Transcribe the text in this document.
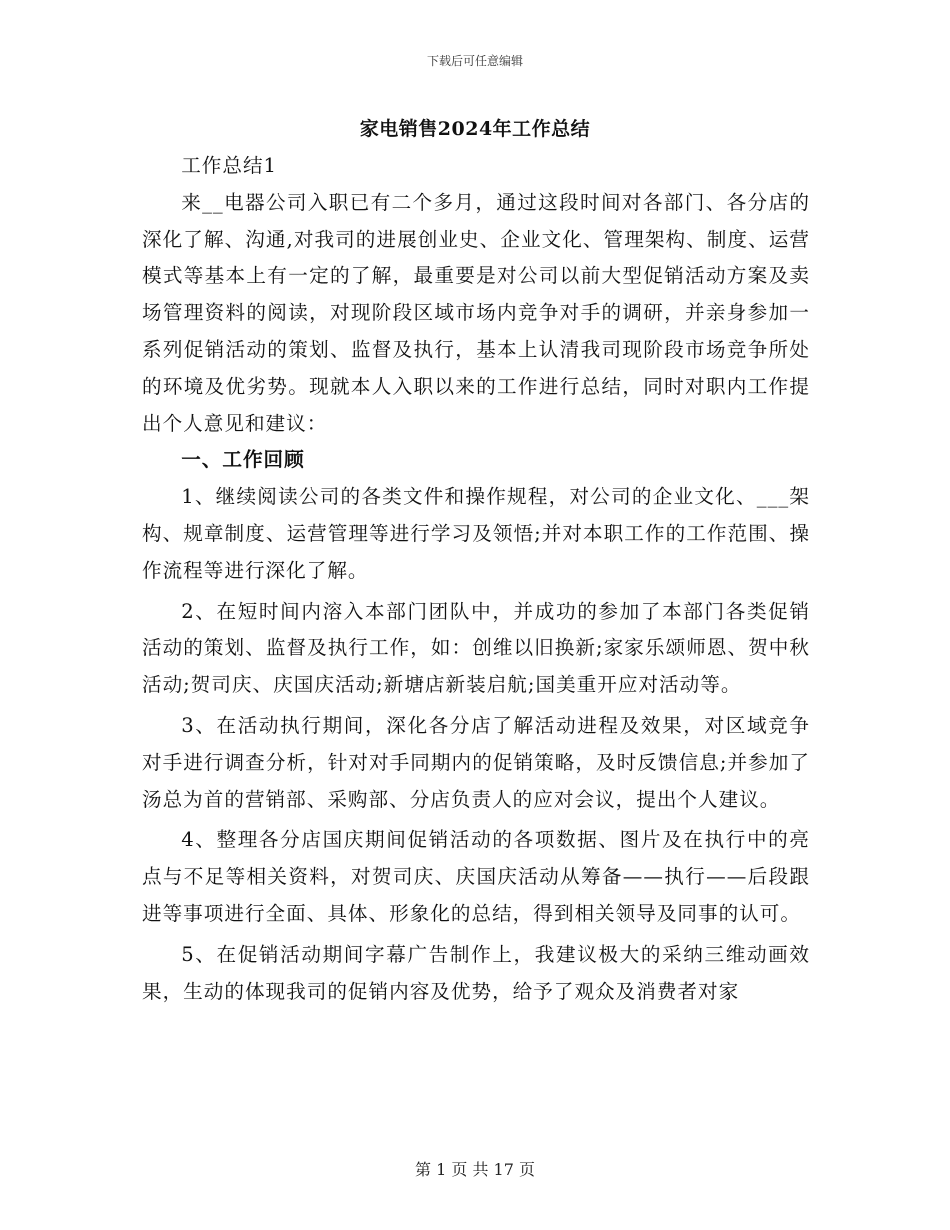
下载后可任意编辑
家电销售2024年工作总结

工作总结1

来__电器公司入职已有二个多月，通过这段时间对各部门、各分店的深化了解、沟通,对我司的进展创业史、企业文化、管理架构、制度、运营模式等基本上有一定的了解，最重要是对公司以前大型促销活动方案及卖场管理资料的阅读，对现阶段区域市场内竞争对手的调研，并亲身参加一系列促销活动的策划、监督及执行，基本上认清我司现阶段市场竞争所处的环境及优劣势。现就本人入职以来的工作进行总结，同时对职内工作提出个人意见和建议：

一、工作回顾

1、继续阅读公司的各类文件和操作规程，对公司的企业文化、___架构、规章制度、运营管理等进行学习及领悟;并对本职工作的工作范围、操作流程等进行深化了解。

2、在短时间内溶入本部门团队中，并成功的参加了本部门各类促销活动的策划、监督及执行工作，如：创维以旧换新;家家乐颂师恩、贺中秋活动;贺司庆、庆国庆活动;新塘店新装启航;国美重开应对活动等。

3、在活动执行期间，深化各分店了解活动进程及效果，对区域竞争对手进行调查分析，针对对手同期内的促销策略，及时反馈信息;并参加了汤总为首的营销部、采购部、分店负责人的应对会议，提出个人建议。

4、整理各分店国庆期间促销活动的各项数据、图片及在执行中的亮点与不足等相关资料，对贺司庆、庆国庆活动从筹备——执行——后段跟进等事项进行全面、具体、形象化的总结，得到相关领导及同事的认可。

5、在促销活动期间字幕广告制作上，我建议极大的采纳三维动画效果，生动的体现我司的促销内容及优势，给予了观众及消费者对家

第 1 页 共 17 页
